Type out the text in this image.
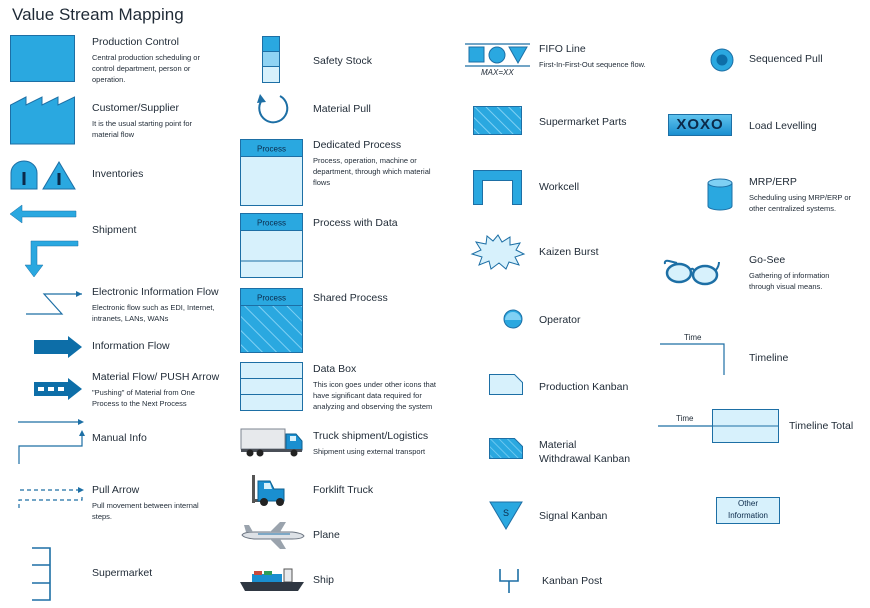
Value Stream Mapping
Production Control
Central production scheduling or
control department, person or
operation.
Customer/Supplier
It is the usual starting point for
material flow
Inventories
Shipment
Electronic Information Flow
Electronic flow such as EDI, Internet,
intranets, LANs, WANs
Information Flow
Material Flow/ PUSH Arrow
"Pushing" of Material from One
Process to the Next Process
Manual Info
Pull Arrow
Pull movement between internal
steps.
Supermarket
Safety Stock
Material Pull
Process	Dedicated Process
Process, operation, machine or
department, through which material
flows
Process	Process with Data
Process	Shared Process
Data Box
This icon goes under other icons that
have significant data required for
analyzing and observing the system
Truck shipment/Logistics
Shipment using external transport
Forklift Truck
Plane
Ship
MAX=XX
FIFO Line
First-In-First-Out sequence flow.
Supermarket Parts
Workcell
Kaizen Burst
Operator
Production Kanban
Material
Withdrawal Kanban
S	Signal Kanban
Kanban Post
Sequenced Pull
XOXO	Load Levelling
MRP/ERP
Scheduling using MRP/ERP or
other centralized systems.
Go-See
Gathering of information
through visual means.
Time
Timeline
Time
Timeline Total
Other
Information
